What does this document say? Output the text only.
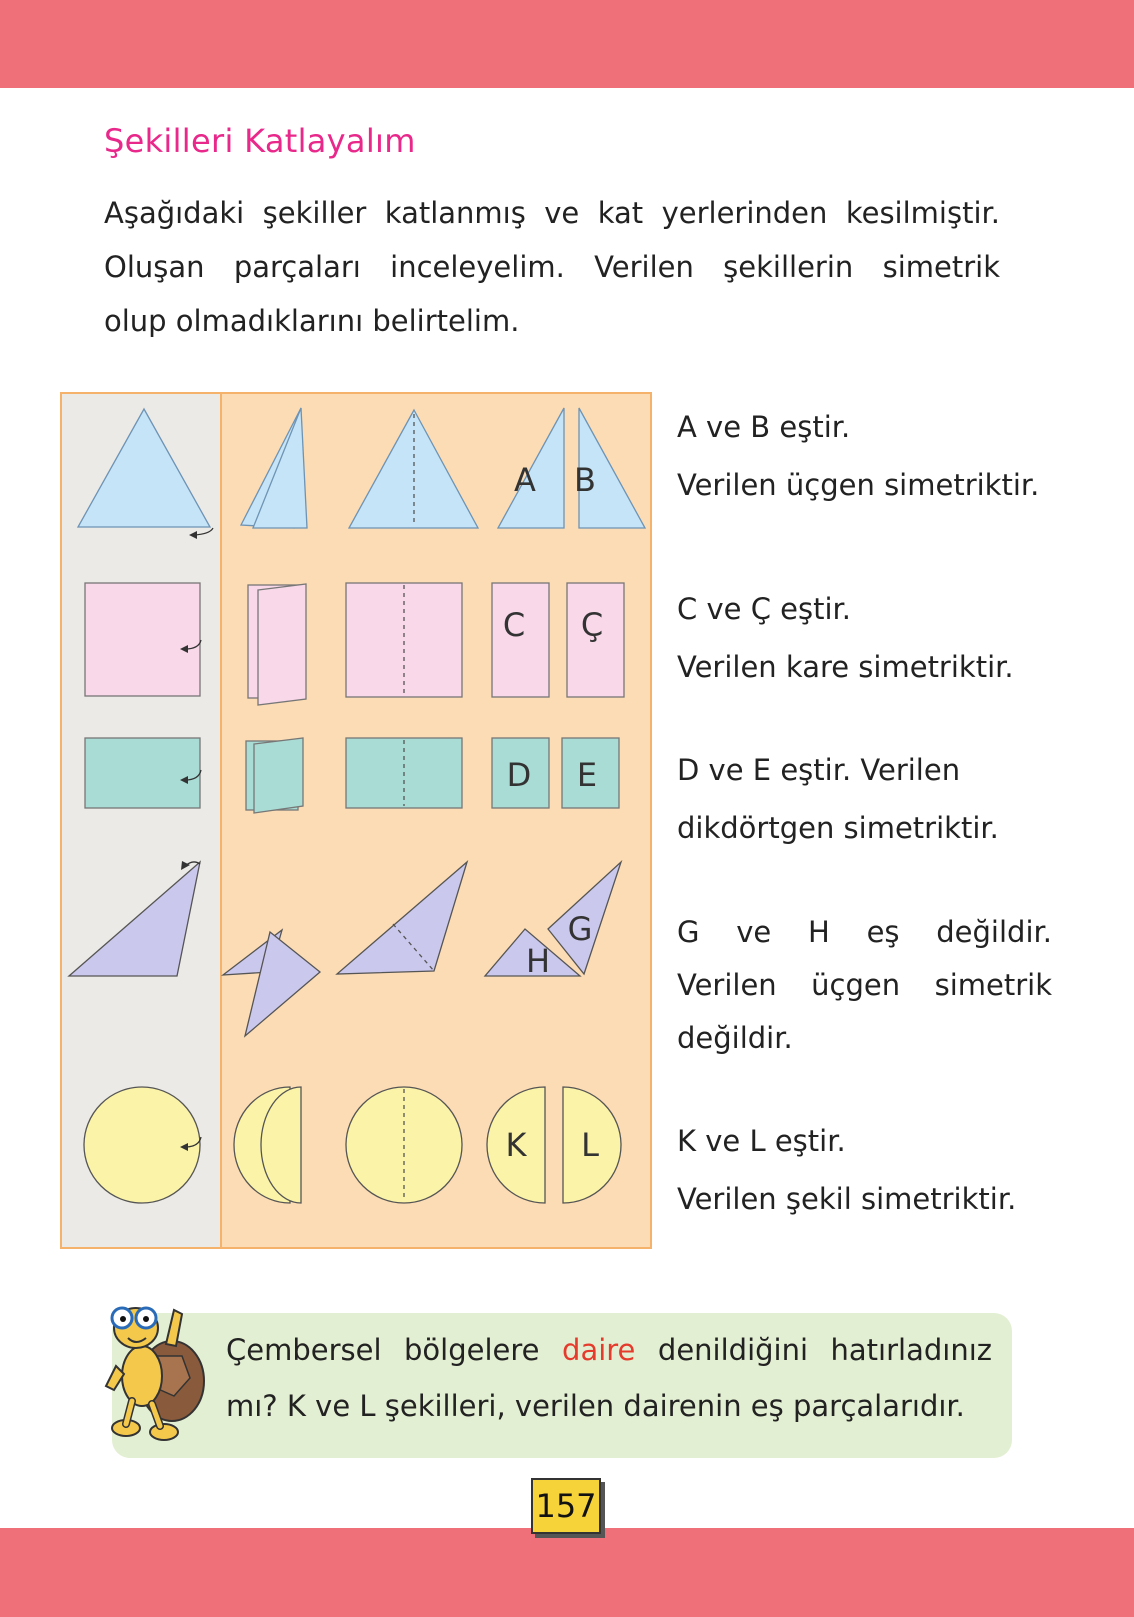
Şekilleri Katlayalım

Aşağıdaki şekiller katlanmış ve kat yerlerinden kesilmiştir.
Oluşan parçaları inceleyelim. Verilen şekillerin simetrik
olup olmadıklarını belirtelim.

A B
C Ç
D E
G
H
K L

A ve B eştir.
Verilen üçgen simetriktir.

C ve Ç eştir.
Verilen kare simetriktir.

D ve E eştir. Verilen
dikdörtgen simetriktir.

G ve H eş değildir.
Verilen üçgen simetrik
değildir.

K ve L eştir.
Verilen şekil simetriktir.

Çembersel bölgelere daire denildiğini hatırladınız
mı? K ve L şekilleri, verilen dairenin eş parçalarıdır.

157
